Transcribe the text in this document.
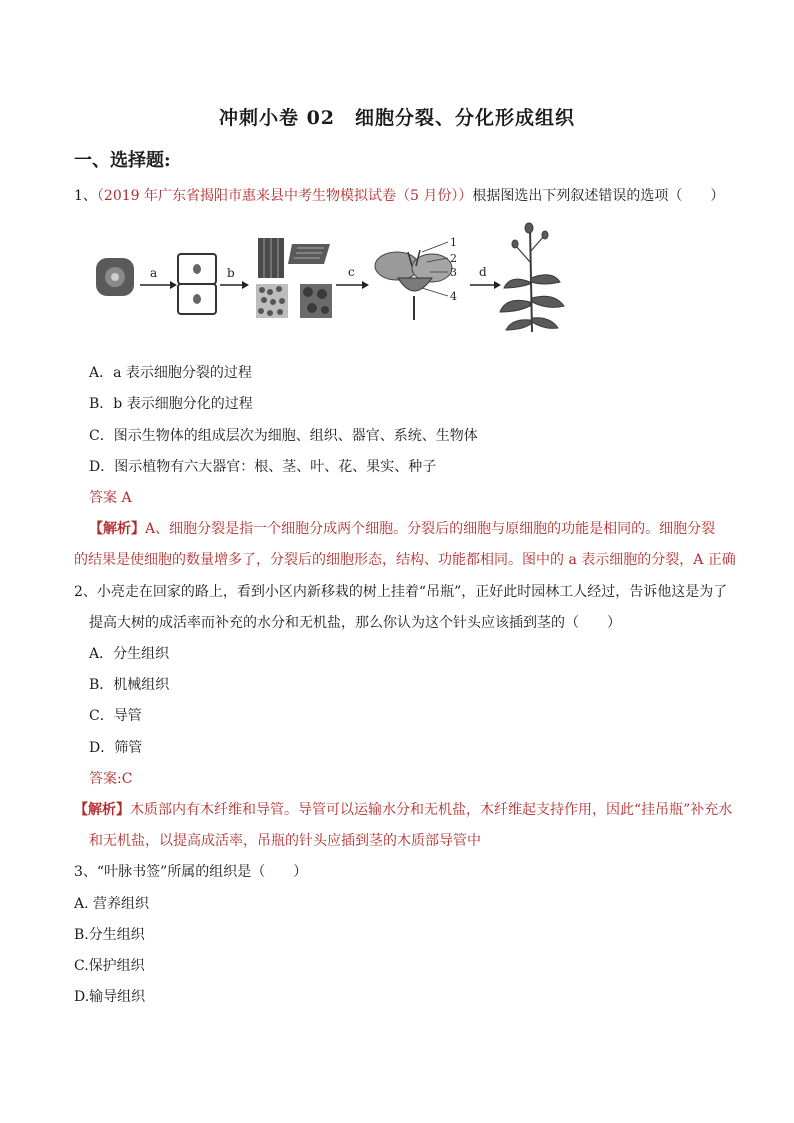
冲刺小卷 02　细胞分裂、分化形成组织
一、选择题:
1、（2019 年广东省揭阳市惠来县中考生物模拟试卷（5 月份））根据图选出下列叙述错误的选项（　　）
a	b	c
1
2
3
4
d
A．a 表示细胞分裂的过程
B．b 表示细胞分化的过程
C．图示生物体的组成层次为细胞、组织、器官、系统、生物体
D．图示植物有六大器官：根、茎、叶、花、果实、种子
答案 A
【解析】A、细胞分裂是指一个细胞分成两个细胞。分裂后的细胞与原细胞的功能是相同的。细胞分裂
的结果是使细胞的数量增多了，分裂后的细胞形态，结构、功能都相同。图中的 a 表示细胞的分裂，A 正确
2、小亮走在回家的路上，看到小区内新移栽的树上挂着“吊瓶”，正好此时园林工人经过，告诉他这是为了
提高大树的成活率而补充的水分和无机盐，那么你认为这个针头应该插到茎的（　　）
A．分生组织
B．机械组织
C．导管
D．筛管
答案:C
【解析】木质部内有木纤维和导管。导管可以运输水分和无机盐，木纤维起支持作用，因此“挂吊瓶”补充水
和无机盐，以提高成活率，吊瓶的针头应插到茎的木质部导管中
3、“叶脉书签”所属的组织是（　　）
A. 营养组织
B.分生组织
C.保护组织
D.输导组织
